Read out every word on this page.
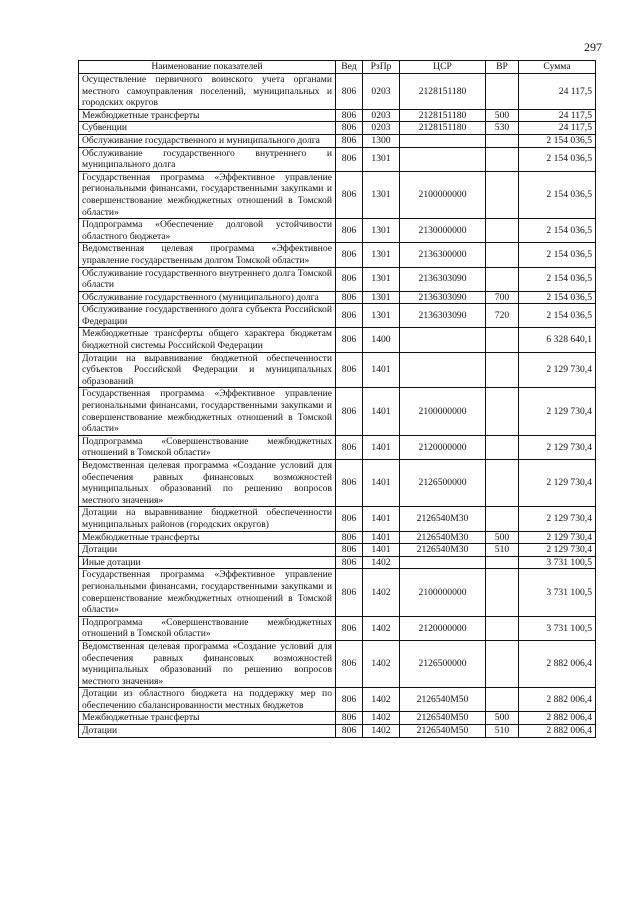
297
Наименование показателей	Вед	РзПр	ЦСР	ВР	Сумма
Осуществление первичного воинского учета органами местного самоуправления поселений, муниципальных и городских округов	806	0203	2128151180		24 117,5
Межбюджетные трансферты	806	0203	2128151180	500	24 117,5
Субвенции	806	0203	2128151180	530	24 117,5
Обслуживание государственного и муниципального долга	806	1300			2 154 036,5
Обслуживание государственного внутреннего и муниципального долга	806	1301			2 154 036,5
Государственная программа «Эффективное управление региональными финансами, государственными закупками и совершенствование межбюджетных отношений в Томской области»	806	1301	2100000000		2 154 036,5
Подпрограмма «Обеспечение долговой устойчивости областного бюджета»	806	1301	2130000000		2 154 036,5
Ведомственная целевая программа «Эффективное управление государственным долгом Томской области»	806	1301	2136300000		2 154 036,5
Обслуживание государственного внутреннего долга Томской области	806	1301	2136303090		2 154 036,5
Обслуживание государственного (муниципального) долга	806	1301	2136303090	700	2 154 036,5
Обслуживание государственного долга субъекта Российской Федерации	806	1301	2136303090	720	2 154 036,5
Межбюджетные трансферты общего характера бюджетам бюджетной системы Российской Федерации	806	1400			6 328 640,1
Дотации на выравнивание бюджетной обеспеченности субъектов Российской Федерации и муниципальных образований	806	1401			2 129 730,4
Государственная программа «Эффективное управление региональными финансами, государственными закупками и совершенствование межбюджетных отношений в Томской области»	806	1401	2100000000		2 129 730,4
Подпрограмма «Совершенствование межбюджетных отношений в Томской области»	806	1401	2120000000		2 129 730,4
Ведомственная целевая программа «Создание условий для обеспечения равных финансовых возможностей муниципальных образований по решению вопросов местного значения»	806	1401	2126500000		2 129 730,4
Дотации на выравнивание бюджетной обеспеченности муниципальных районов (городских округов)	806	1401	2126540М30		2 129 730,4
Межбюджетные трансферты	806	1401	2126540М30	500	2 129 730,4
Дотации	806	1401	2126540М30	510	2 129 730,4
Иные дотации	806	1402			3 731 100,5
Государственная программа «Эффективное управление региональными финансами, государственными закупками и совершенствование межбюджетных отношений в Томской области»	806	1402	2100000000		3 731 100,5
Подпрограмма «Совершенствование межбюджетных отношений в Томской области»	806	1402	2120000000		3 731 100,5
Ведомственная целевая программа «Создание условий для обеспечения равных финансовых возможностей муниципальных образований по решению вопросов местного значения»	806	1402	2126500000		2 882 006,4
Дотации из областного бюджета на поддержку мер по обеспечению сбалансированности местных бюджетов	806	1402	2126540М50		2 882 006,4
Межбюджетные трансферты	806	1402	2126540М50	500	2 882 006,4
Дотации	806	1402	2126540М50	510	2 882 006,4
